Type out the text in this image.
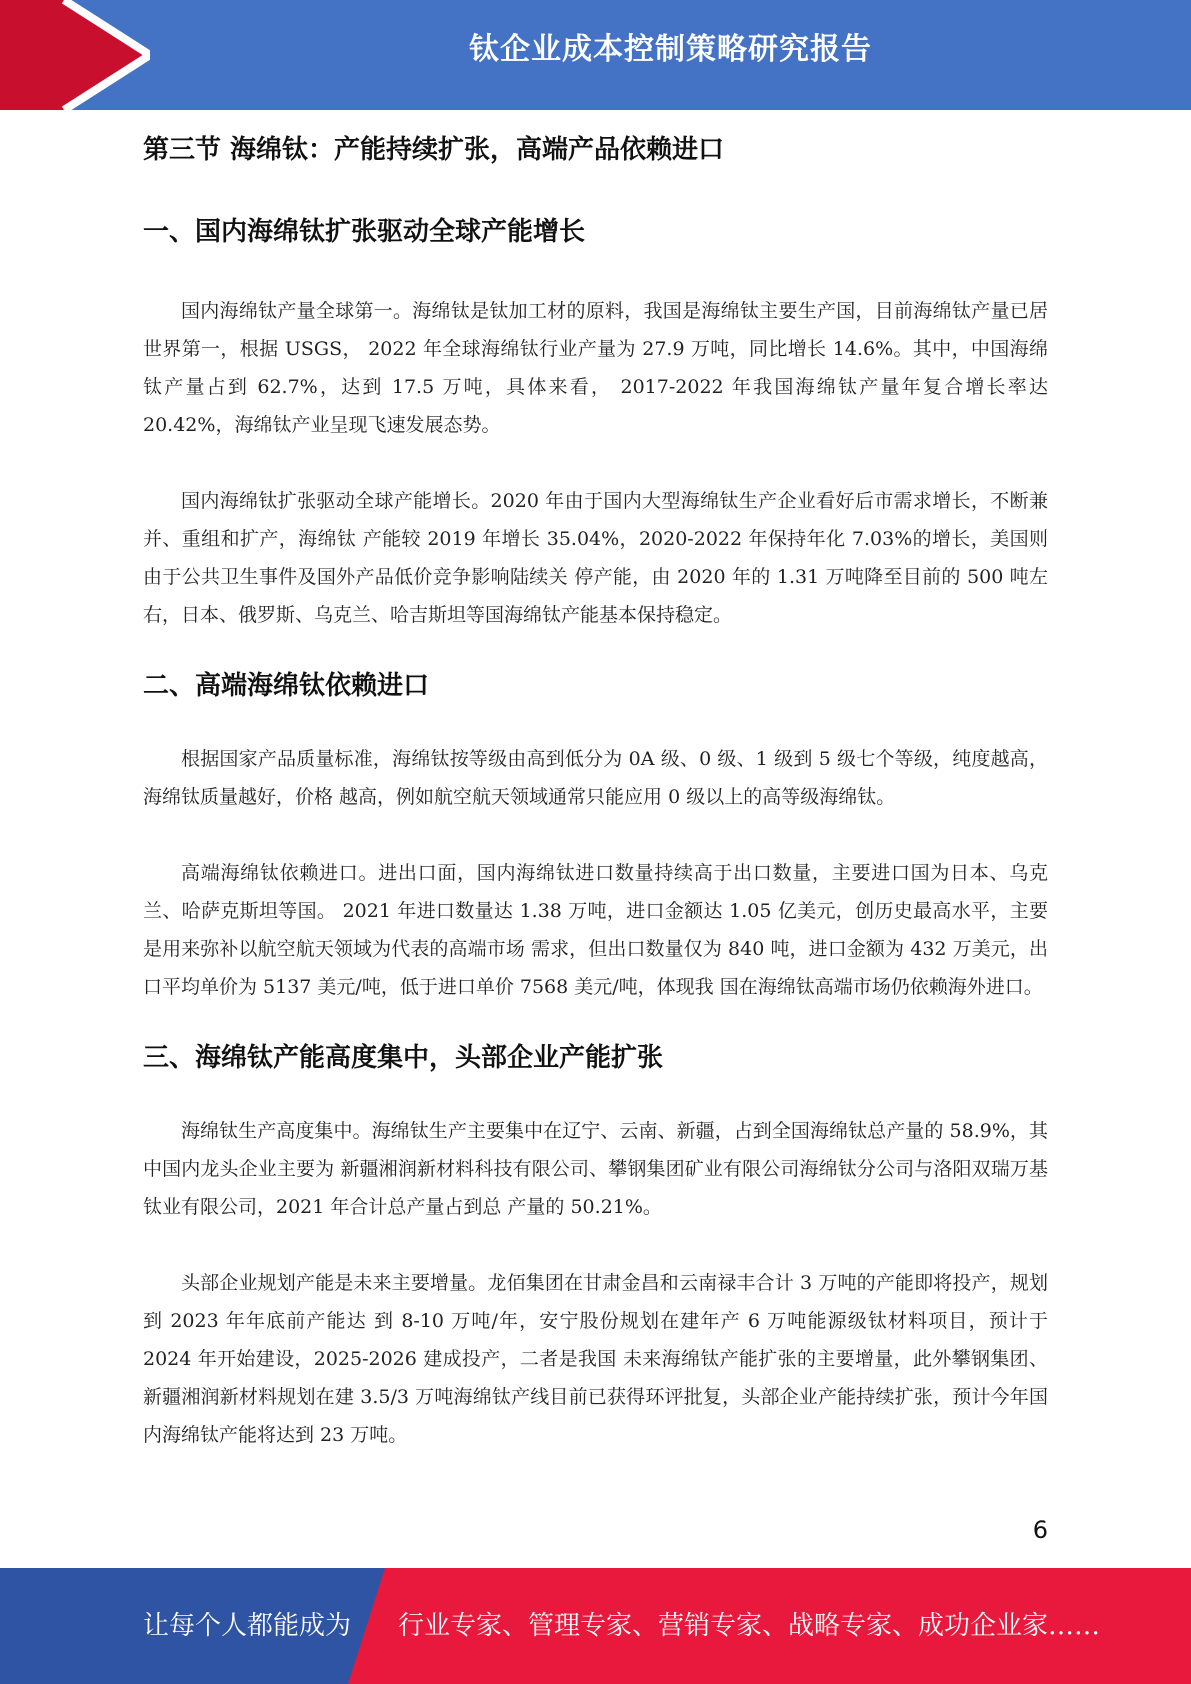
钛企业成本控制策略研究报告
第三节 海绵钛：产能持续扩张，高端产品依赖进口
一、国内海绵钛扩张驱动全球产能增长

国内海绵钛产量全球第一。海绵钛是钛加工材的原料，我国是海绵钛主要生产国，目前海绵钛产量已居世界第一，根据 USGS， 2022 年全球海绵钛行业产量为 27.9 万吨，同比增长 14.6%。其中，中国海绵钛产量占到 62.7%，达到 17.5 万吨，具体来看， 2017-2022 年我国海绵钛产量年复合增长率达 20.42%，海绵钛产业呈现飞速发展态势。

国内海绵钛扩张驱动全球产能增长。2020 年由于国内大型海绵钛生产企业看好后市需求增长，不断兼并、重组和扩产，海绵钛 产能较 2019 年增长 35.04%，2020-2022 年保持年化 7.03%的增长，美国则由于公共卫生事件及国外产品低价竞争影响陆续关 停产能，由 2020 年的 1.31 万吨降至目前的 500 吨左右，日本、俄罗斯、乌克兰、哈吉斯坦等国海绵钛产能基本保持稳定。

二、高端海绵钛依赖进口

根据国家产品质量标准，海绵钛按等级由高到低分为 0A 级、0 级、1 级到 5 级七个等级，纯度越高，海绵钛质量越好，价格 越高，例如航空航天领域通常只能应用 0 级以上的高等级海绵钛。

高端海绵钛依赖进口。进出口面，国内海绵钛进口数量持续高于出口数量，主要进口国为日本、乌克兰、哈萨克斯坦等国。 2021 年进口数量达 1.38 万吨，进口金额达 1.05 亿美元，创历史最高水平，主要是用来弥补以航空航天领域为代表的高端市场 需求，但出口数量仅为 840 吨，进口金额为 432 万美元，出口平均单价为 5137 美元/吨，低于进口单价 7568 美元/吨，体现我 国在海绵钛高端市场仍依赖海外进口。

三、海绵钛产能高度集中，头部企业产能扩张

海绵钛生产高度集中。海绵钛生产主要集中在辽宁、云南、新疆，占到全国海绵钛总产量的 58.9%，其中国内龙头企业主要为 新疆湘润新材料科技有限公司、攀钢集团矿业有限公司海绵钛分公司与洛阳双瑞万基钛业有限公司，2021 年合计总产量占到总 产量的 50.21%。

头部企业规划产能是未来主要增量。龙佰集团在甘肃金昌和云南禄丰合计 3 万吨的产能即将投产，规划到 2023 年年底前产能达 到 8-10 万吨/年，安宁股份规划在建年产 6 万吨能源级钛材料项目，预计于 2024 年开始建设，2025-2026 建成投产，二者是我国 未来海绵钛产能扩张的主要增量，此外攀钢集团、新疆湘润新材料规划在建 3.5/3 万吨海绵钛产线目前已获得环评批复，头部企业产能持续扩张，预计今年国内海绵钛产能将达到 23 万吨。

6
让每个人都能成为 行业专家、管理专家、营销专家、战略专家、成功企业家……
